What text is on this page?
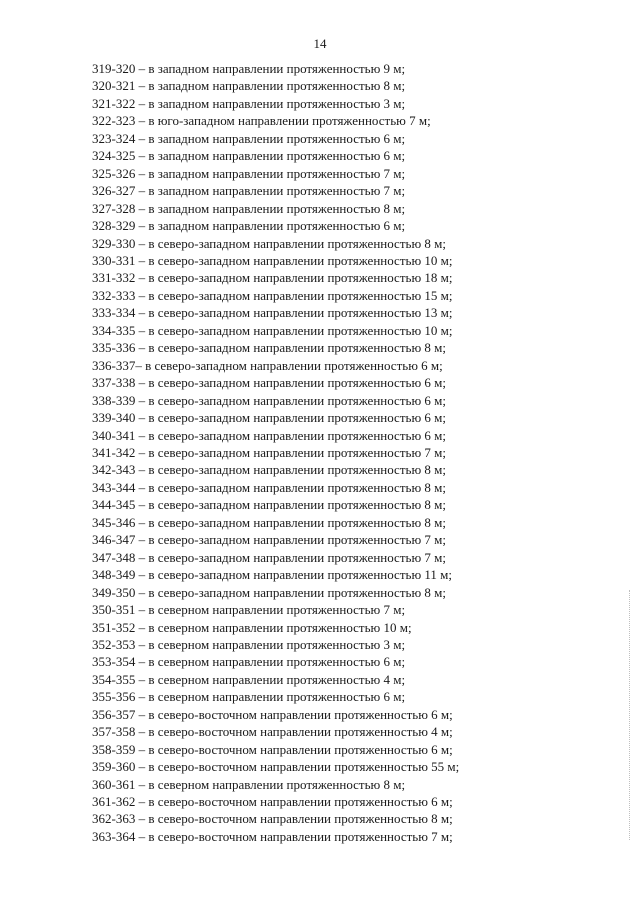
14
319-320 – в западном направлении протяженностью 9 м;
320-321 – в западном направлении протяженностью 8 м;
321-322 – в западном направлении протяженностью 3 м;
322-323 – в юго-западном направлении протяженностью 7 м;
323-324 – в западном направлении протяженностью 6 м;
324-325 – в западном направлении протяженностью 6 м;
325-326 – в западном направлении протяженностью 7 м;
326-327 – в западном направлении протяженностью 7 м;
327-328 – в западном направлении протяженностью 8 м;
328-329 – в западном направлении протяженностью 6 м;
329-330 – в северо-западном направлении протяженностью 8 м;
330-331 – в северо-западном направлении протяженностью 10 м;
331-332 – в северо-западном направлении протяженностью 18 м;
332-333 – в северо-западном направлении протяженностью 15 м;
333-334 – в северо-западном направлении протяженностью 13 м;
334-335 – в северо-западном направлении протяженностью 10 м;
335-336 – в северо-западном направлении протяженностью 8 м;
336-337– в северо-западном направлении протяженностью 6 м;
337-338 – в северо-западном направлении протяженностью 6 м;
338-339 – в северо-западном направлении протяженностью 6 м;
339-340 – в северо-западном направлении протяженностью 6 м;
340-341 – в северо-западном направлении протяженностью 6 м;
341-342 – в северо-западном направлении протяженностью 7 м;
342-343 – в северо-западном направлении протяженностью 8 м;
343-344 – в северо-западном направлении протяженностью 8 м;
344-345 – в северо-западном направлении протяженностью 8 м;
345-346 – в северо-западном направлении протяженностью 8 м;
346-347 – в северо-западном направлении протяженностью 7 м;
347-348 – в северо-западном направлении протяженностью 7 м;
348-349 – в северо-западном направлении протяженностью 11 м;
349-350 – в северо-западном направлении протяженностью 8 м;
350-351 – в северном направлении протяженностью 7 м;
351-352 – в северном направлении протяженностью 10 м;
352-353 – в северном направлении протяженностью 3 м;
353-354 – в северном направлении протяженностью 6 м;
354-355 – в северном направлении протяженностью 4 м;
355-356 – в северном направлении протяженностью 6 м;
356-357 – в северо-восточном направлении протяженностью 6 м;
357-358 – в северо-восточном направлении протяженностью 4 м;
358-359 – в северо-восточном направлении протяженностью 6 м;
359-360 – в северо-восточном направлении протяженностью 55 м;
360-361 – в северном направлении протяженностью 8 м;
361-362 – в северо-восточном направлении протяженностью 6 м;
362-363 – в северо-восточном направлении протяженностью 8 м;
363-364 – в северо-восточном направлении протяженностью 7 м;
